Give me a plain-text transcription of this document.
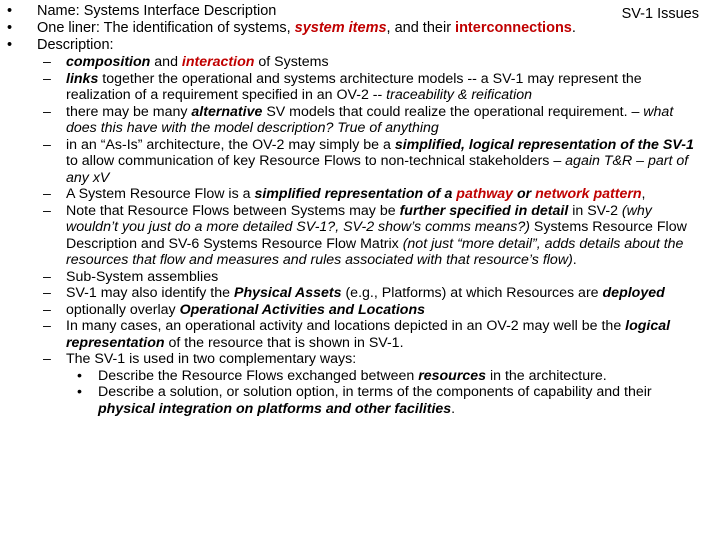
SV-1 Issues
• Name: Systems Interface Description
• One liner: The identification of systems, system items, and their interconnections.
• Description:
– composition and interaction of Systems
– links together the operational and systems architecture models -- a SV-1 may represent the realization of a requirement specified in an OV-2 -- traceability & reification
– there may be many alternative SV models that could realize the operational requirement. – what does this have with the model description? True of anything
– in an “As-Is” architecture, the OV-2 may simply be a simplified, logical representation of the SV-1 to allow communication of key Resource Flows to non-technical stakeholders – again T&R – part of any xV
– A System Resource Flow is a simplified representation of a pathway or network pattern,
– Note that Resource Flows between Systems may be further specified in detail in SV-2 (why wouldn’t you just do a more detailed SV-1?, SV-2 show’s comms means?) Systems Resource Flow Description and SV-6 Systems Resource Flow Matrix (not just “more detail”, adds details about the resources that flow and measures and rules associated with that resource’s flow).
– Sub-System assemblies
– SV-1 may also identify the Physical Assets (e.g., Platforms) at which Resources are deployed
– optionally overlay Operational Activities and Locations
– In many cases, an operational activity and locations depicted in an OV-2 may well be the logical representation of the resource that is shown in SV-1.
– The SV-1 is used in two complementary ways:
• Describe the Resource Flows exchanged between resources in the architecture.
• Describe a solution, or solution option, in terms of the components of capability and their physical integration on platforms and other facilities.
